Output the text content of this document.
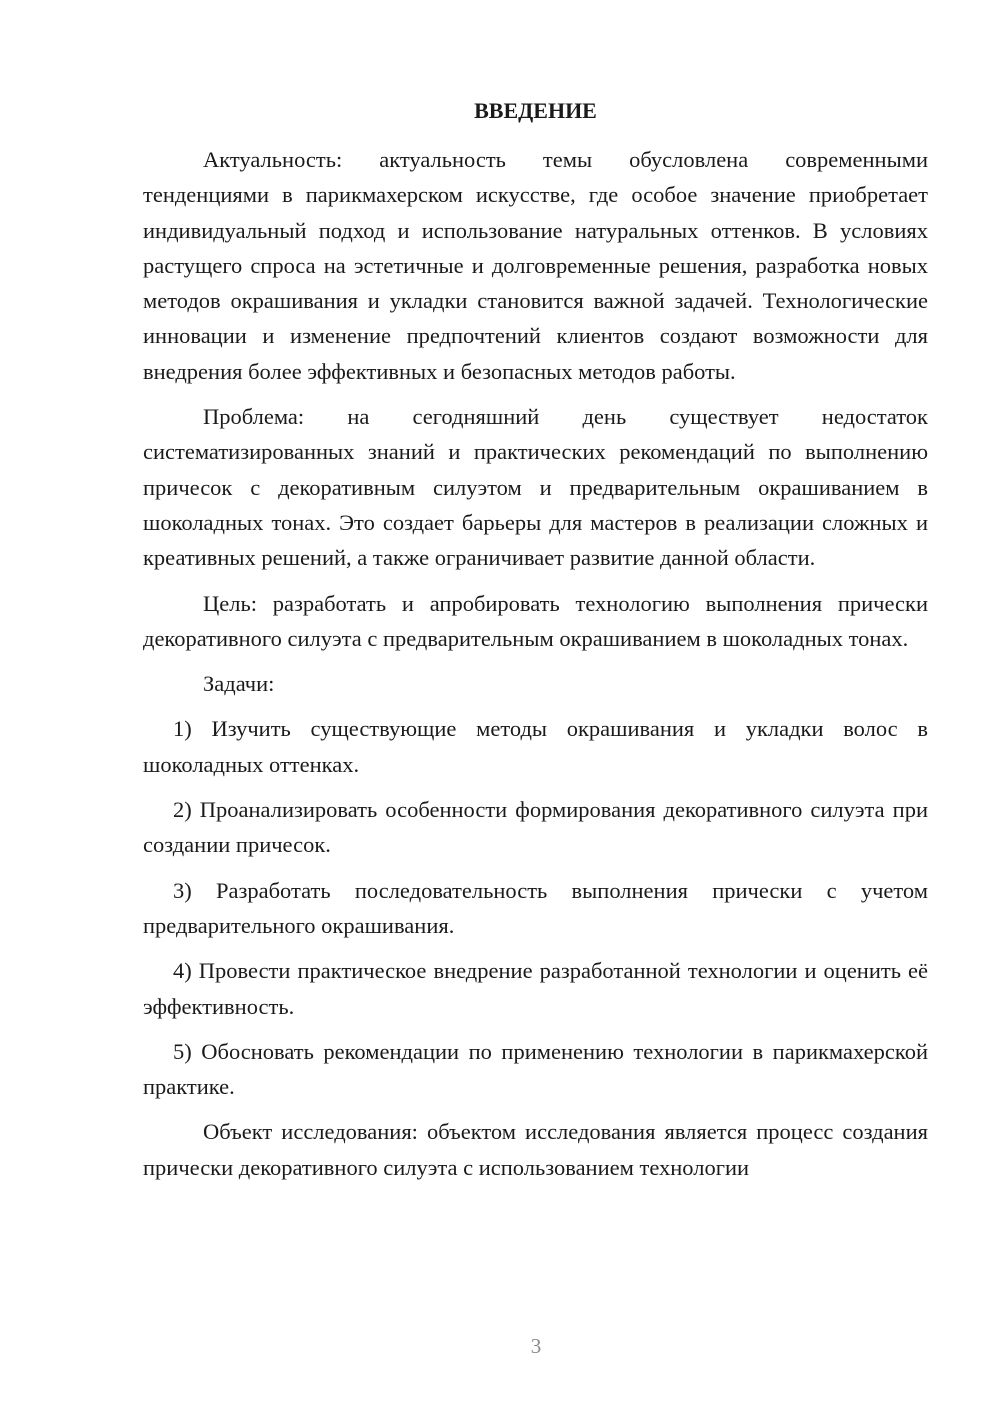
ВВЕДЕНИЕ

Актуальность: актуальность темы обусловлена современными тенденциями в парикмахерском искусстве, где особое значение приобретает индивидуальный подход и использование натуральных оттенков. В условиях растущего спроса на эстетичные и долговременные решения, разработка новых методов окрашивания и укладки становится важной задачей. Технологические инновации и изменение предпочтений клиентов создают возможности для внедрения более эффективных и безопасных методов работы.

Проблема: на сегодняшний день существует недостаток систематизированных знаний и практических рекомендаций по выполнению причесок с декоративным силуэтом и предварительным окрашиванием в шоколадных тонах. Это создает барьеры для мастеров в реализации сложных и креативных решений, а также ограничивает развитие данной области.

Цель: разработать и апробировать технологию выполнения прически декоративного силуэта с предварительным окрашиванием в шоколадных тонах.

Задачи:

1) Изучить существующие методы окрашивания и укладки волос в шоколадных оттенках.

2) Проанализировать особенности формирования декоративного силуэта при создании причесок.

3) Разработать последовательность выполнения прически с учетом предварительного окрашивания.

4) Провести практическое внедрение разработанной технологии и оценить её эффективность.

5) Обосновать рекомендации по применению технологии в парикмахерской практике.

Объект исследования: объектом исследования является процесс создания прически декоративного силуэта с использованием технологии

3
